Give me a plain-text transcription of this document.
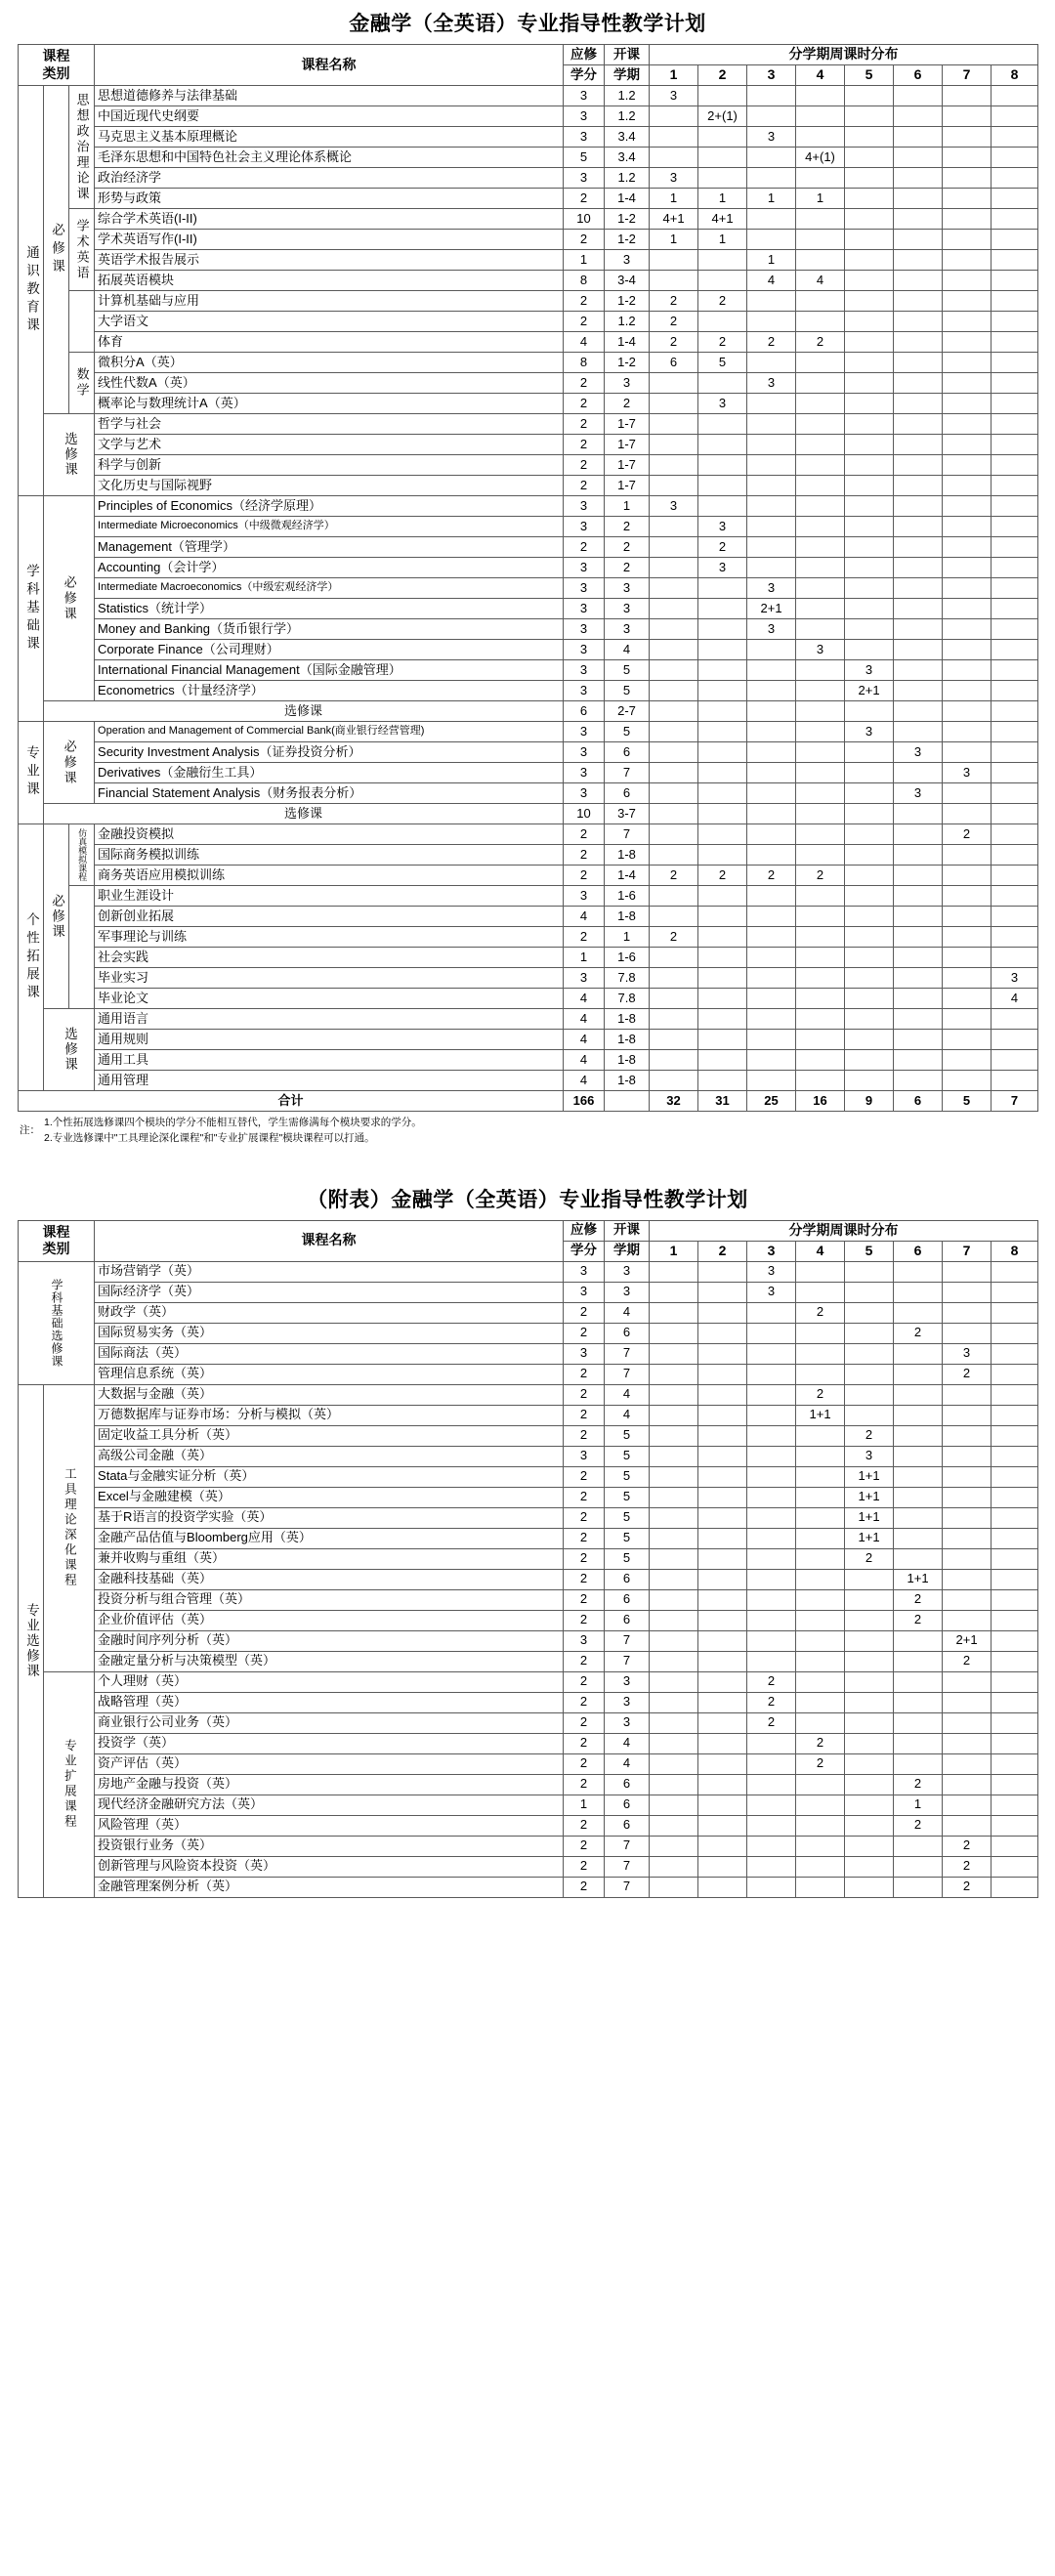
金融学（全英语）专业指导性教学计划
课程
类别			课程名称	应修	开课	分学期周课时分布							
				学分	学期	1	2	3	4	5	6	7	8
通识教育课	必修课	思想政治理论课	思想道德修养与法律基础	3	1.2	3							
			中国近现代史纲要	3	1.2		2+(1)						
			马克思主义基本原理概论	3	3.4			3					
			毛泽东思想和中国特色社会主义理论体系概论	5	3.4				4+(1)				
			政治经济学	3	1.2	3							
			形势与政策	2	1-4	1	1	1	1				
		学术英语	综合学术英语(I-II)	10	1-2	4+1	4+1						
			学术英语写作(I-II)	2	1-2	1	1						
			英语学术报告展示	1	3			1					
			拓展英语模块	8	3-4			4	4				
			计算机基础与应用	2	1-2	2	2						
			大学语文	2	1.2	2							
			体育	4	1-4	2	2	2	2				
		数学	微积分A（英）	8	1-2	6	5						
			线性代数A（英）	2	3			3					
			概率论与数理统计A（英）	2	2		3						
	选修课		哲学与社会	2	1-7								
			文学与艺术	2	1-7								
			科学与创新	2	1-7								
			文化历史与国际视野	2	1-7								
学科基础课	必修课		Principles of Economics（经济学原理）	3	1	3							
			Intermediate Microeconomics（中级微观经济学）	3	2		3						
			Management（管理学）	2	2		2						
			Accounting（会计学）	3	2		3						
			Intermediate Macroeconomics（中级宏观经济学）	3	3			3					
			Statistics（统计学）	3	3			2+1					
			Money and Banking（货币银行学）	3	3			3					
			Corporate Finance（公司理财）	3	4				3				
			International Financial Management（国际金融管理）	3	5					3			
			Econometrics（计量经济学）	3	5					2+1			
	选修课			6	2-7								
专业课	必修课		Operation and Management of Commercial Bank(商业银行经营管理)	3	5					3			
			Security Investment Analysis（证券投资分析）	3	6						3		
			Derivatives（金融衍生工具）	3	7							3	
			Financial Statement Analysis（财务报表分析）	3	6						3		
	选修课			10	3-7								
个性拓展课	必修课	仿真模拟课程	金融投资模拟	2	7							2	
			国际商务模拟训练	2	1-8								
			商务英语应用模拟训练	2	1-4	2	2	2	2				
			职业生涯设计	3	1-6								
			创新创业拓展	4	1-8								
			军事理论与训练	2	1	2							
			社会实践	1	1-6								
			毕业实习	3	7.8								3
			毕业论文	4	7.8								4
	选修课		通用语言	4	1-8								
			通用规则	4	1-8								
			通用工具	4	1-8								
			通用管理	4	1-8								
合计				166		32	31	25	16	9	6	5	7
注：
1.个性拓展选修课四个模块的学分不能相互替代，学生需修满每个模块要求的学分。
2.专业选修课中"工具理论深化课程"和"专业扩展课程"模块课程可以打通。
（附表）金融学（全英语）专业指导性教学计划
课程
类别		课程名称	应修	开课	分学期周课时分布							
			学分	学期	1	2	3	4	5	6	7	8
学科基础选修课		市场营销学（英）	3	3			3					
		国际经济学（英）	3	3			3					
		财政学（英）	2	4				2				
		国际贸易实务（英）	2	6						2		
		国际商法（英）	3	7							3	
		管理信息系统（英）	2	7							2	
专业选修课	工具理论深化课程	大数据与金融（英）	2	4				2				
		万德数据库与证券市场：分析与模拟（英）	2	4				1+1				
		固定收益工具分析（英）	2	5					2			
		高级公司金融（英）	3	5					3			
		Stata与金融实证分析（英）	2	5					1+1			
		Excel与金融建模（英）	2	5					1+1			
		基于R语言的投资学实验（英）	2	5					1+1			
		金融产品估值与Bloomberg应用（英）	2	5					1+1			
		兼并收购与重组（英）	2	5					2			
		金融科技基础（英）	2	6						1+1		
		投资分析与组合管理（英）	2	6						2		
		企业价值评估（英）	2	6						2		
		金融时间序列分析（英）	3	7							2+1	
		金融定量分析与决策模型（英）	2	7							2	
	专业扩展课程	个人理财（英）	2	3			2					
		战略管理（英）	2	3			2					
		商业银行公司业务（英）	2	3			2					
		投资学（英）	2	4				2				
		资产评估（英）	2	4				2				
		房地产金融与投资（英）	2	6						2		
		现代经济金融研究方法（英）	1	6						1		
		风险管理（英）	2	6						2		
		投资银行业务（英）	2	7							2	
		创新管理与风险资本投资（英）	2	7							2	
		金融管理案例分析（英）	2	7							2	
